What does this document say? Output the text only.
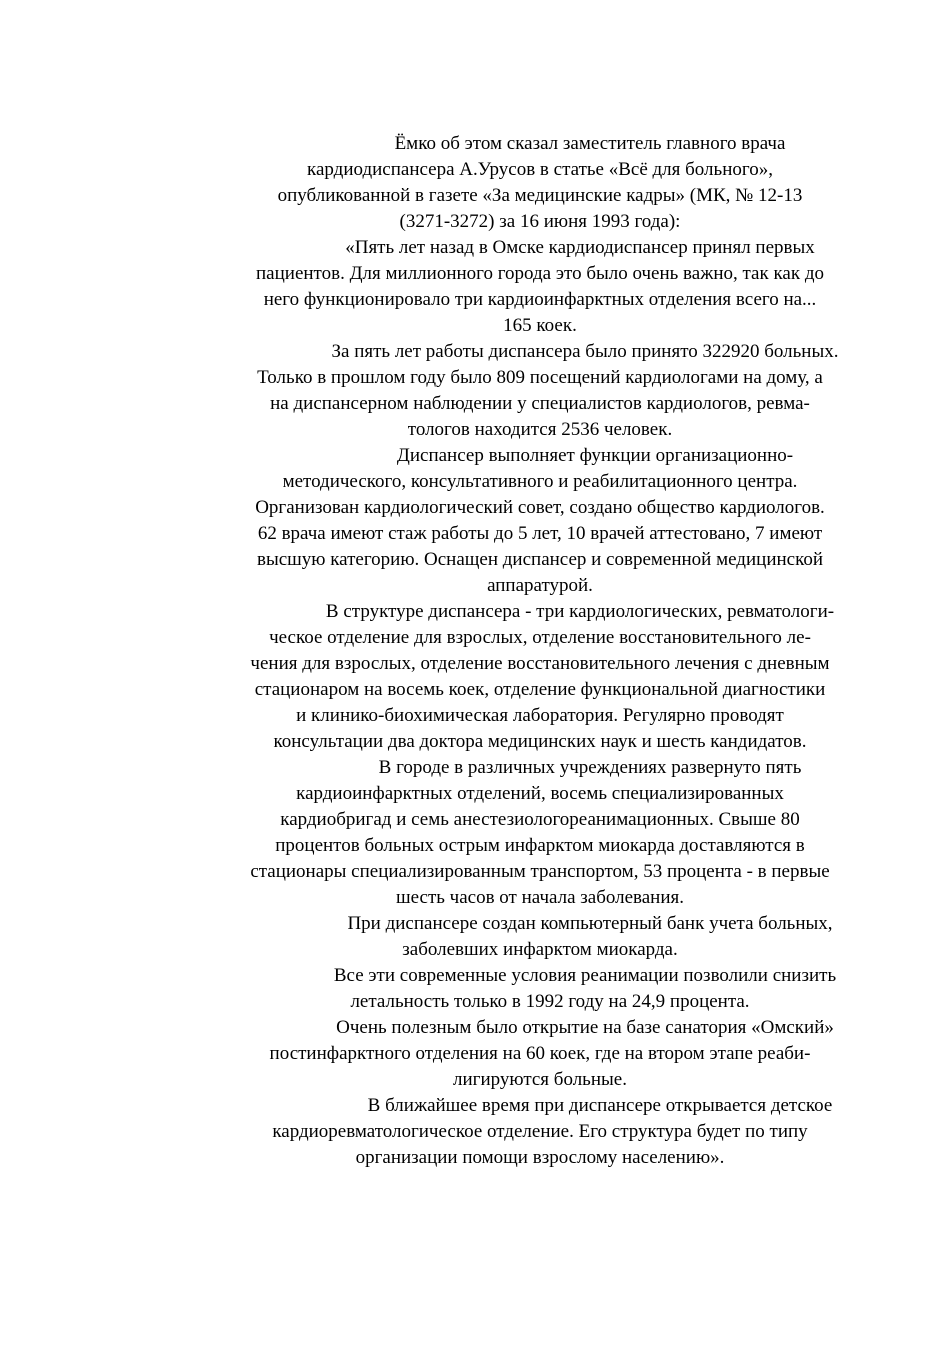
Ёмко об этом сказал заместитель главного врача
кардиодиспансера А.Урусов в статье «Всё для больного»,
опубликованной в газете «За медицинские кадры» (МК, № 12-13
(3271-3272) за 16 июня 1993 года):
«Пять лет назад в Омске кардиодиспансер принял первых
пациентов. Для миллионного города это было очень важно, так как до
него функционировало три кардиоинфарктных отделения всего на...
165 коек.
За пять лет работы диспансера было принято 322920 больных.
Только в прошлом году было 809 посещений кардиологами на дому, а
на диспансерном наблюдении у специалистов кардиологов, ревма-
тологов находится 2536 человек.
Диспансер выполняет функции организационно-
методического, консультативного и реабилитационного центра.
Организован кардиологический совет, создано общество кардиологов.
62 врача имеют стаж работы до 5 лет, 10 врачей аттестовано, 7 имеют
высшую категорию. Оснащен диспансер и современной медицинской
аппаратурой.
В структуре диспансера - три кардиологических, ревматологи-
ческое отделение для взрослых, отделение восстановительного ле-
чения для взрослых, отделение восстановительного лечения с дневным
стационаром на восемь коек, отделение функциональной диагностики
и клинико-биохимическая лаборатория. Регулярно проводят
консультации два доктора медицинских наук и шесть кандидатов.
В городе в различных учреждениях развернуто пять
кардиоинфарктных отделений, восемь специализированных
кардиобригад и семь анестезиологореанимационных. Свыше 80
процентов больных острым инфарктом миокарда доставляются в
стационары специализированным транспортом, 53 процента - в первые
шесть часов от начала заболевания.
При диспансере создан компьютерный банк учета больных,
заболевших инфарктом миокарда.
Все эти современные условия реанимации позволили снизить
летальность только в 1992 году на 24,9 процента.
Очень полезным было открытие на базе санатория «Омский»
постинфарктного отделения на 60 коек, где на втором этапе реаби-
лигируются больные.
В ближайшее время при диспансере открывается детское
кардиоревматологическое отделение. Его структура будет по типу
организации помощи взрослому населению».
